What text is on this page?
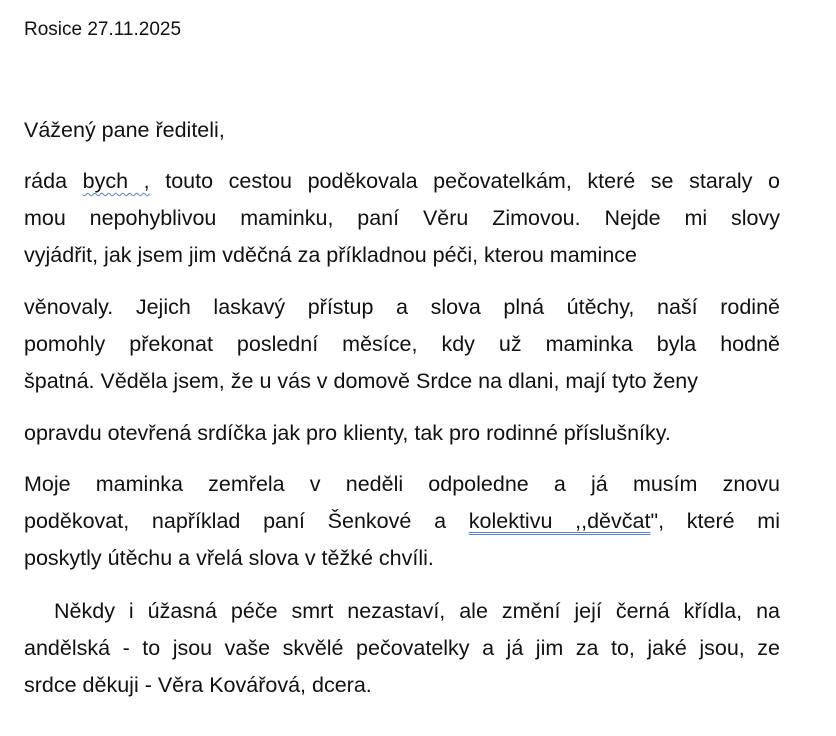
Rosice 27.11.2025
Vážený pane řediteli,
ráda bych , touto cestou poděkovala pečovatelkám, které se staraly o
mou nepohyblivou maminku, paní Věru Zimovou. Nejde mi slovy
vyjádřit, jak jsem jim vděčná za příkladnou péči, kterou mamince
věnovaly. Jejich laskavý přístup a slova plná útěchy, naší rodině
pomohly překonat poslední měsíce, kdy už maminka byla hodně
špatná. Věděla jsem, že u vás v domově Srdce na dlani, mají tyto ženy
opravdu otevřená srdíčka jak pro klienty, tak pro rodinné příslušníky.
Moje maminka zemřela v neděli odpoledne a já musím znovu
poděkovat, například paní Šenkové a kolektivu ,,děvčat", které mi
poskytly útěchu a vřelá slova v těžké chvíli.
Někdy i úžasná péče smrt nezastaví, ale změní její černá křídla, na
andělská - to jsou vaše skvělé pečovatelky a já jim za to, jaké jsou, ze
srdce děkuji - Věra Kovářová, dcera.
